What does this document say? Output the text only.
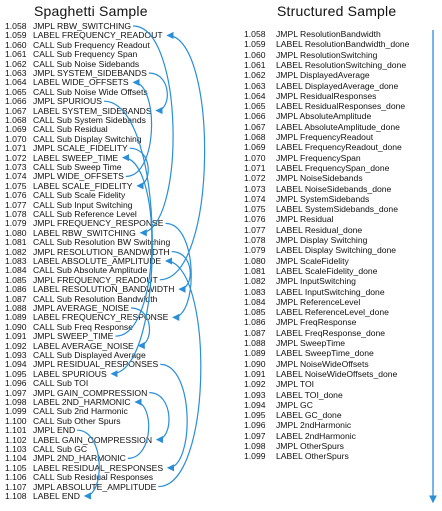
Spaghetti Sample	Structured Sample
1.058 JMPL RBW_SWITCHING
1.059 LABEL FREQUENCY_READOUT
1.060 CALL Sub Frequency Readout
1.061 CALL Sub Frequency Span
1.062 CALL Sub Noise Sidebands
1.063 JMPL SYSTEM_SIDEBANDS
1.064 LABEL WIDE_OFFSETS
1.065 CALL Sub Noise Wide Offsets
1.066 JMPL SPURIOUS
1.067 LABEL SYSTEM_SIDEBANDS
1.068 CALL Sub System Sidebands
1.069 CALL Sub Residual
1.070 CALL Sub Display Switching
1.071 JMPL SCALE_FIDELITY
1.072 LABEL SWEEP_TIME
1.073 CALL Sub Sweep Time
1.074 JMPL WIDE_OFFSETS
1.075 LABEL SCALE_FIDELITY
1.076 CALL Sub Scale Fidelity
1.077 CALL Sub Input Switching
1.078 CALL Sub Reference Level
1.079 JMPL FREQUENCY_RESPONSE
1.080 LABEL RBW_SWITCHING
1.081 CALL Sub Resolution BW Switching
1.082 JMPL RESOLUTION_BANDWIDTH
1.083 LABEL ABSOLUTE_AMPLITUDE
1.084 CALL Sub Absolute Amplitude
1.085 JMPL FREQUENCY_READOUT
1.086 LABEL RESOLUTION_BANDWIDTH
1.087 CALL Sub Resolution Bandwidth
1.088 JMPL AVERAGE_NOISE
1.089 LABEL FREQUENCY_RESPONSE
1.090 CALL Sub Freq Response
1.091 JMPL SWEEP_TIME
1.092 LABEL AVERAGE_NOISE
1.093 CALL Sub Displayed Average
1.094 JMPL RESIDUAL_RESPONSES
1.095 LABEL SPURIOUS
1.096 CALL Sub TOI
1.097 JMPL GAIN_COMPRESSION
1.098 LABEL 2ND_HARMONIC
1.099 CALL Sub 2nd Harmonic
1.100 CALL Sub Other Spurs
1.101 JMPL END
1.102 LABEL GAIN_COMPRESSION
1.103 CALL Sub GC
1.104 JMPL 2ND_HARMONIC
1.105 LABEL RESIDUAL_RESPONSES
1.106 CALL Sub Residual Responses
1.107 JMPL ABSOLUTE_AMPLITUDE
1.108 LABEL END
1.058 JMPL ResolutionBandwidth
1.059 LABEL ResolutionBandwidth_done
1.060 JMPL ResolutionSwitching
1.061 LABEL ResolutionSwitching_done
1.062 JMPL DisplayedAverage
1.063 LABEL DisplayedAverage_done
1.064 JMPL ResidualResponses
1.065 LABEL ResidualResponses_done
1.066 JMPL AbsoluteAmplitude
1.067 LABEL AbsoluteAmplitude_done
1.068 JMPL FrequencyReadout
1.069 LABEL FrequencyReadout_done
1.070 JMPL FrequencySpan
1.071 LABEL FrequencySpan_done
1.072 JMPL NoiseSidebands
1.073 LABEL NoiseSidebands_done
1.074 JMPL SystemSidebands
1.075 LABEL SystemSidebands_done
1.076 JMPL Residual
1.077 LABEL Residual_done
1.078 JMPL Display Switching
1.079 LABEL Display Switching_done
1.080 JMPL ScaleFidelity
1.081 LABEL ScaleFidelity_done
1.082 JMPL InputSwitching
1.083 LABEL InputSwitching_done
1.084 JMPL ReferenceLevel
1.085 LABEL ReferenceLevel_done
1.086 JMPL FreqResponse
1.087 LABEL FreqResponse_done
1.088 JMPL SweepTime
1.089 LABEL SweepTime_done
1.090 JMPL NoiseWideOffsets
1.091 LABEL NoiseWideOffsets_done
1.092 JMPL TOI
1.093 LABEL TOI_done
1.094 JMPL GC
1.095 LABEL GC_done
1.096 JMPL 2ndHarmonic
1.097 LABEL 2ndHarmonic
1.098 JMPL OtherSpurs
1.099 LABEL OtherSpurs
